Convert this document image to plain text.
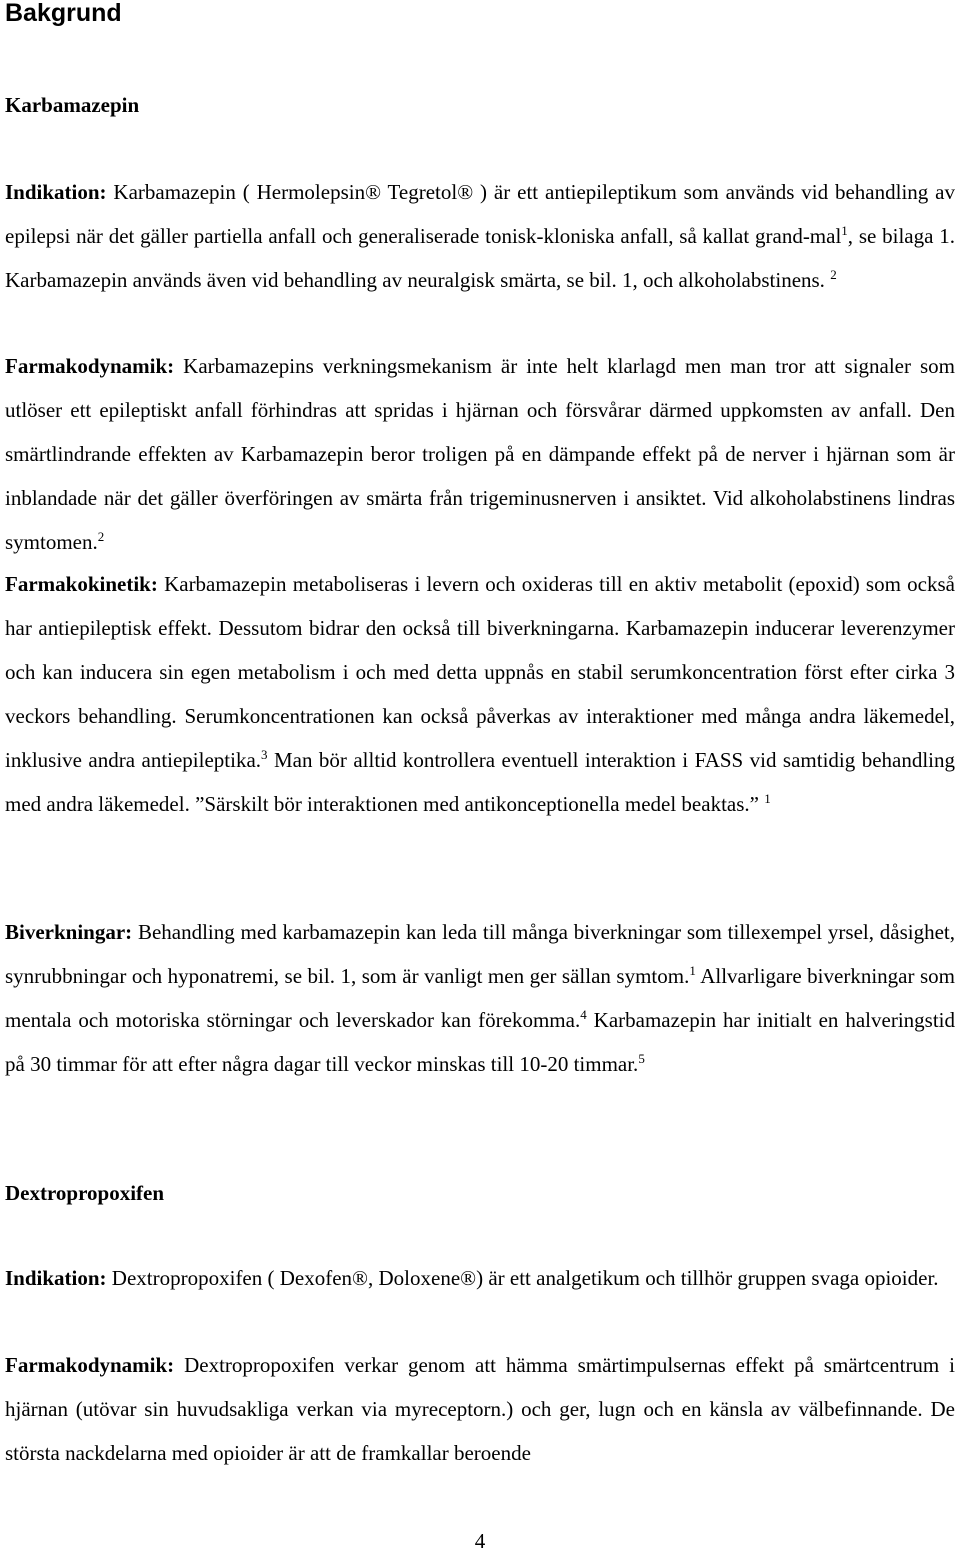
Bakgrund
Karbamazepin

Indikation: Karbamazepin ( Hermolepsin® Tegretol® ) är ett antiepileptikum som används vid behandling av epilepsi när det gäller partiella anfall och generaliserade tonisk-kloniska anfall, så kallat grand-mal$^1$, se bilaga 1. Karbamazepin används även vid behandling av neuralgisk smärta, se bil. 1, och alkoholabstinens. $^2$

Farmakodynamik: Karbamazepins verkningsmekanism är inte helt klarlagd men man tror att signaler som utlöser ett epileptiskt anfall förhindras att spridas i hjärnan och försvårar därmed uppkomsten av anfall. Den smärtlindrande effekten av Karbamazepin beror troligen på en dämpande effekt på de nerver i hjärnan som är inblandade när det gäller överföringen av smärta från trigeminusnerven i ansiktet. Vid alkoholabstinens lindras symtomen.$^2$

Farmakokinetik: Karbamazepin metaboliseras i levern och oxideras till en aktiv metabolit (epoxid) som också har antiepileptisk effekt. Dessutom bidrar den också till biverkningarna. Karbamazepin inducerar leverenzymer och kan inducera sin egen metabolism i och med detta uppnås en stabil serumkoncentration först efter cirka 3 veckors behandling. Serumkoncentrationen kan också påverkas av interaktioner med många andra läkemedel, inklusive andra antiepileptika.$^3$ Man bör alltid kontrollera eventuell interaktion i FASS vid samtidig behandling med andra läkemedel. ”Särskilt bör interaktionen med antikonceptionella medel beaktas.” $^1$

Biverkningar: Behandling med karbamazepin kan leda till många biverkningar som tillexempel yrsel, dåsighet, synrubbningar och hyponatremi, se bil. 1, som är vanligt men ger sällan symtom.$^1$ Allvarligare biverkningar som mentala och motoriska störningar och leverskador kan förekomma.$^4$ Karbamazepin har initialt en halveringstid på 30 timmar för att efter några dagar till veckor minskas till 10-20 timmar.$^5$

Dextropropoxifen

Indikation: Dextropropoxifen ( Dexofen®, Doloxene®) är ett analgetikum och tillhör gruppen svaga opioider.

Farmakodynamik: Dextropropoxifen verkar genom att hämma smärtimpulsernas effekt på smärtcentrum i hjärnan (utövar sin huvudsakliga verkan via myreceptorn.) och ger, lugn och en känsla av välbefinnande. De största nackdelarna med opioider är att de framkallar beroende

4
